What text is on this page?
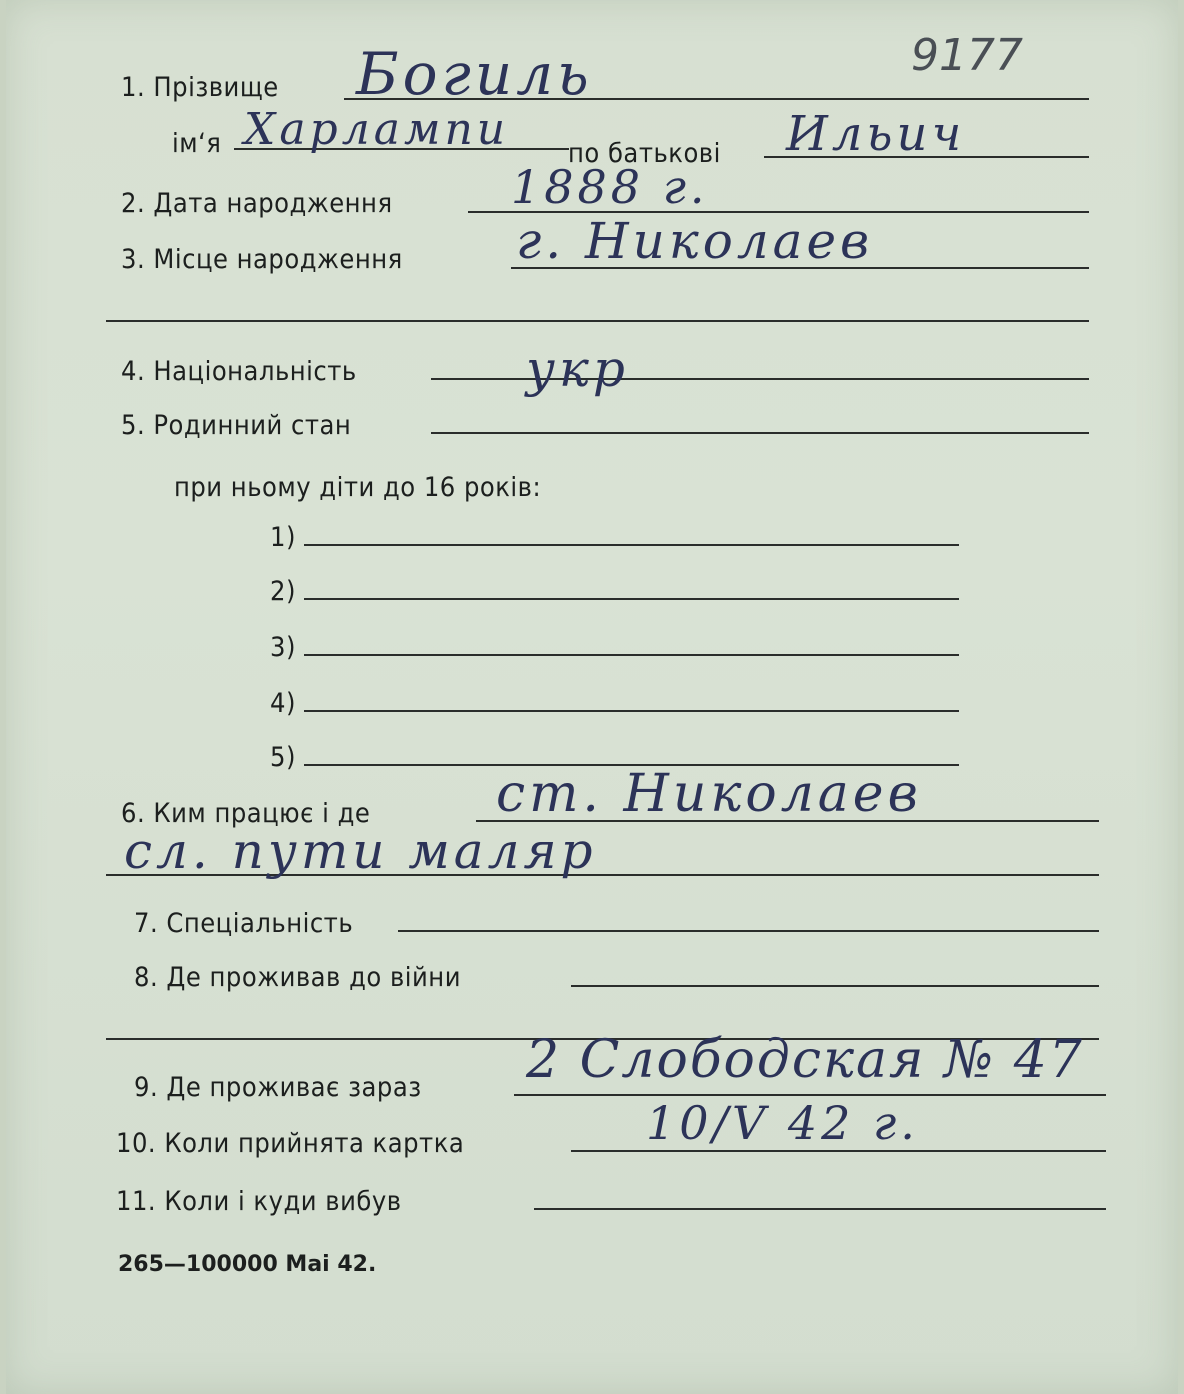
9177
1. Прізвище Богиль
ім‘я Харлампи по батькові Ильич
2. Дата народження	1888 г.
3. Місце народження г. Николаев
4. Національність	укр
5. Родинний стан
при ньому діти до 16 років:
1)
2)
3)
4)
5)
6. Ким працює і де ст. Николаев
сл. пути маляр
7. Спеціальність
8. Де проживав до війни
9. Де проживає зараз 2 Слободская № 47
10. Коли прийнята картка	10/V 42 г.
11. Коли і куди вибув
265—100000 Mai 42.
